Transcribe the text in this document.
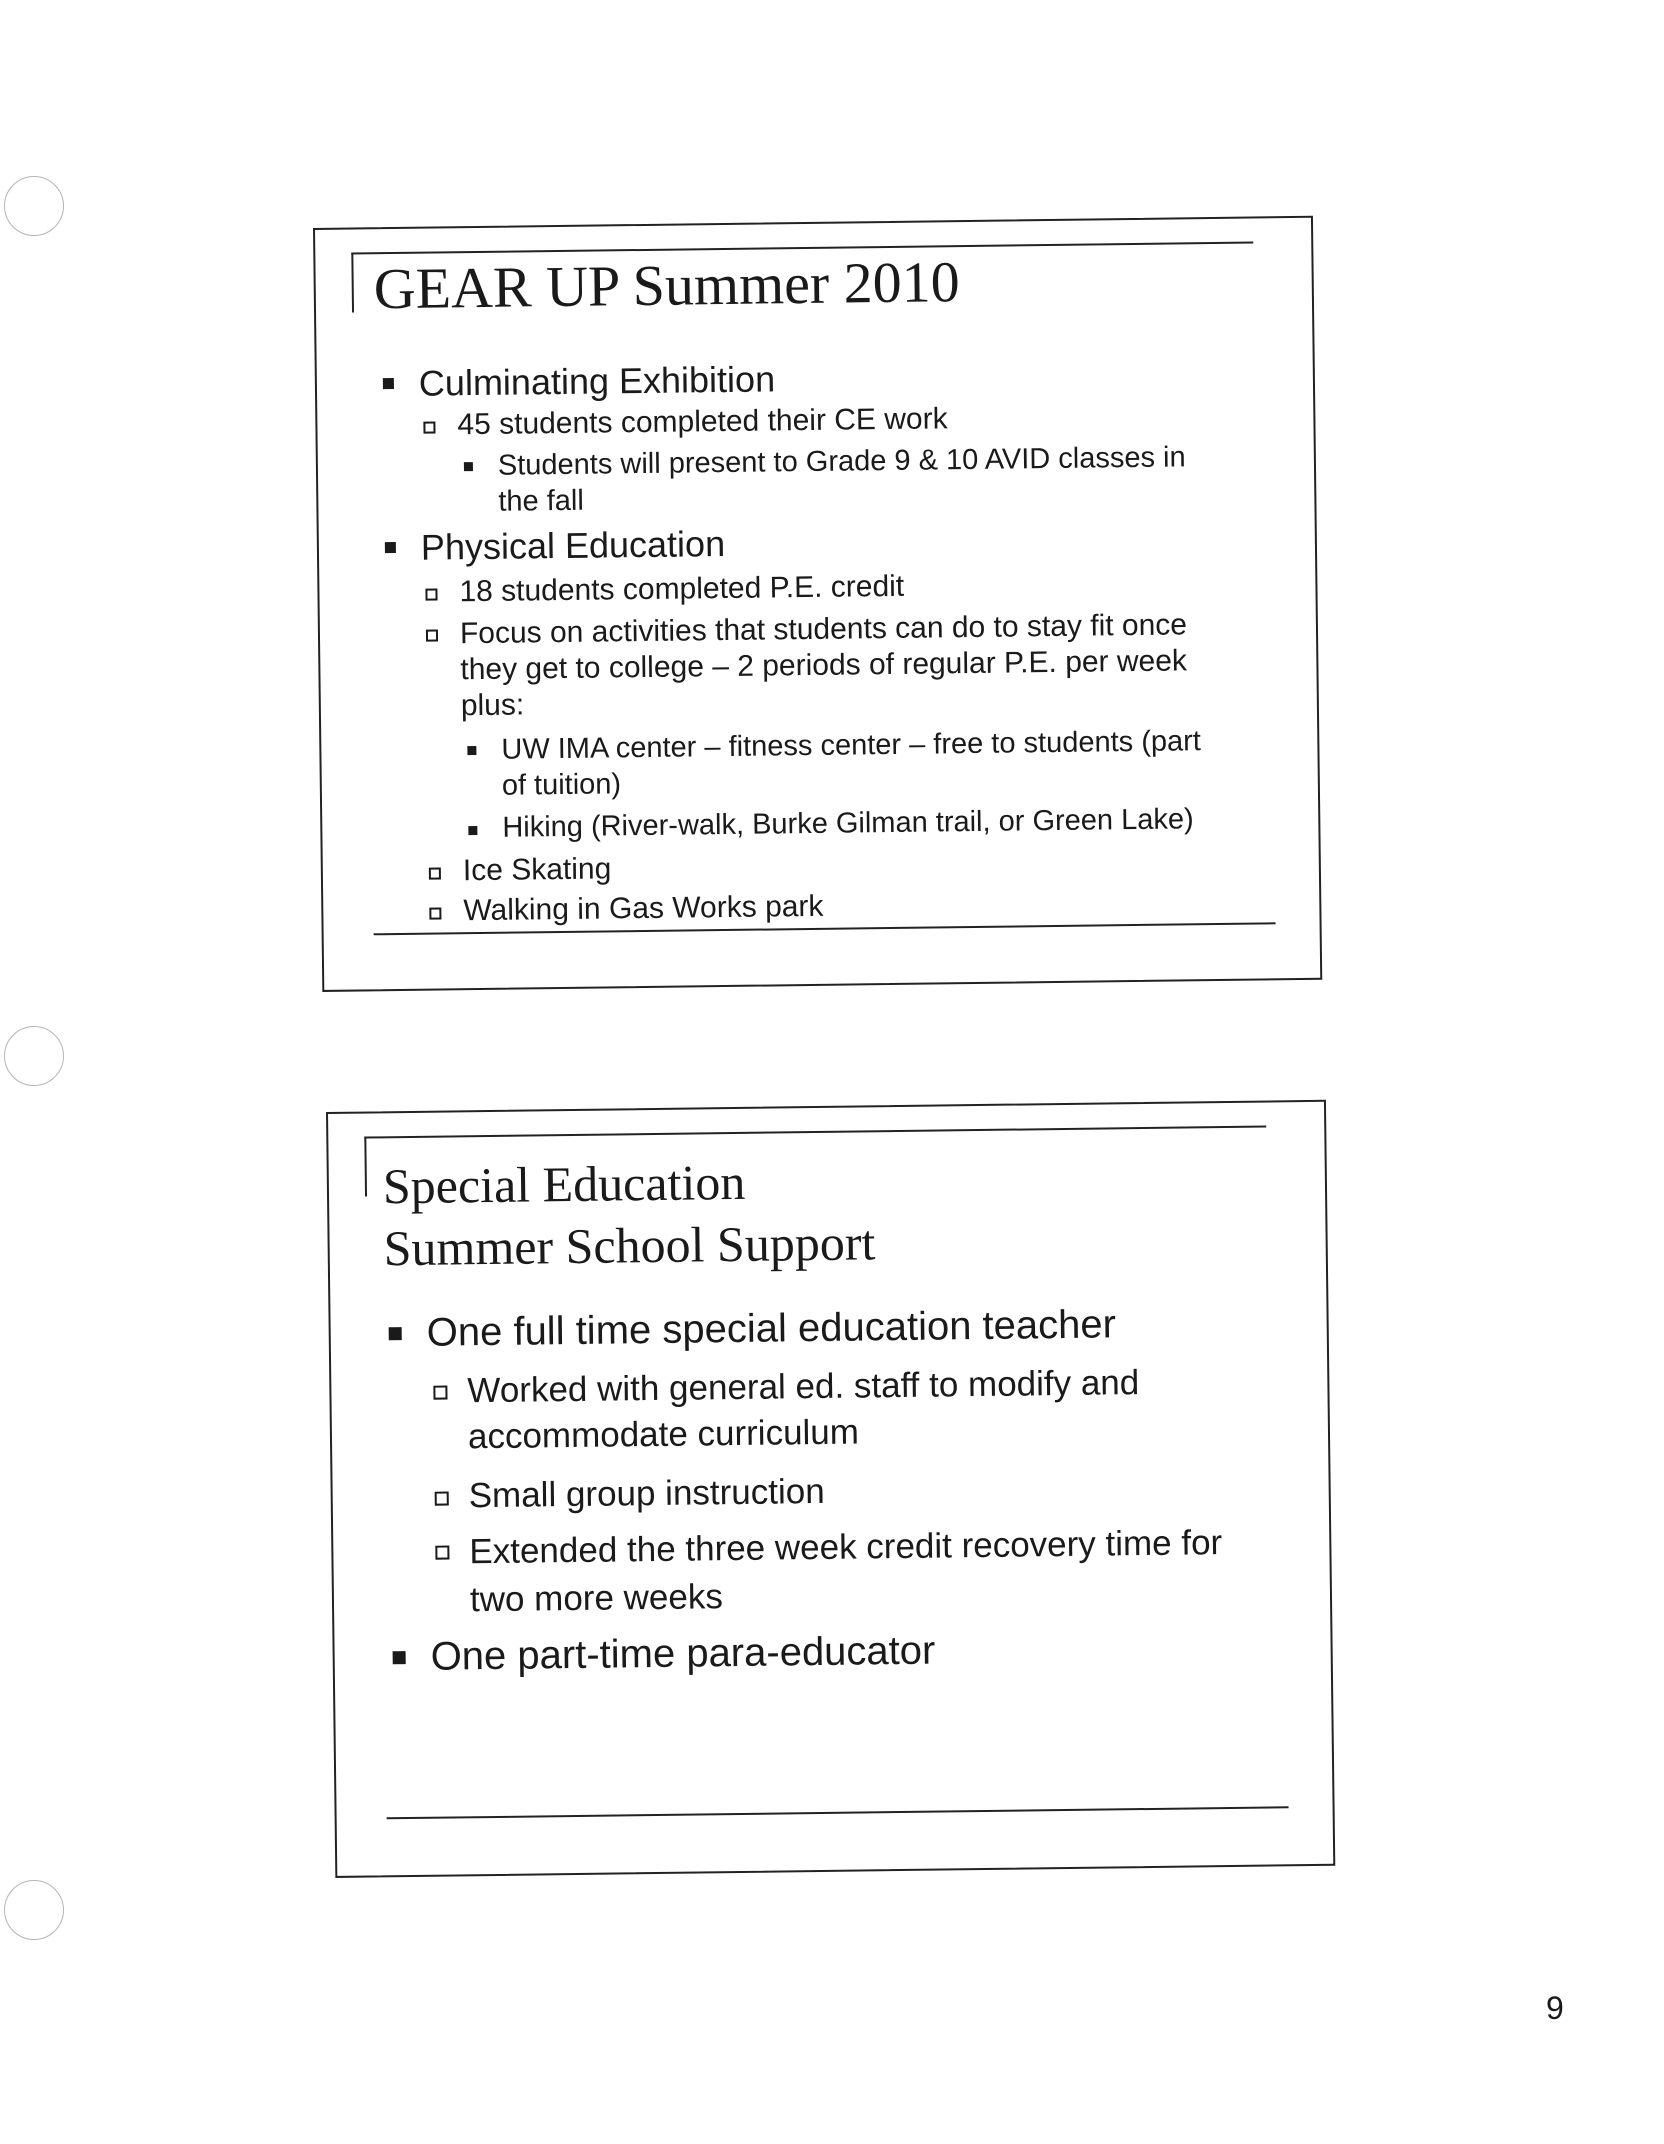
GEAR UP Summer 2010
Culminating Exhibition
45 students completed their CE work
Students will present to Grade 9 & 10 AVID classes in
the fall
Physical Education
18 students completed P.E. credit
Focus on activities that students can do to stay fit once
they get to college – 2 periods of regular P.E. per week
plus:
UW IMA center – fitness center – free to students (part
of tuition)
Hiking (River-walk, Burke Gilman trail, or Green Lake)
Ice Skating
Walking in Gas Works park
Special Education
Summer School Support
One full time special education teacher
Worked with general ed. staff to modify and
accommodate curriculum
Small group instruction
Extended the three week credit recovery time for
two more weeks
One part-time para-educator
9
